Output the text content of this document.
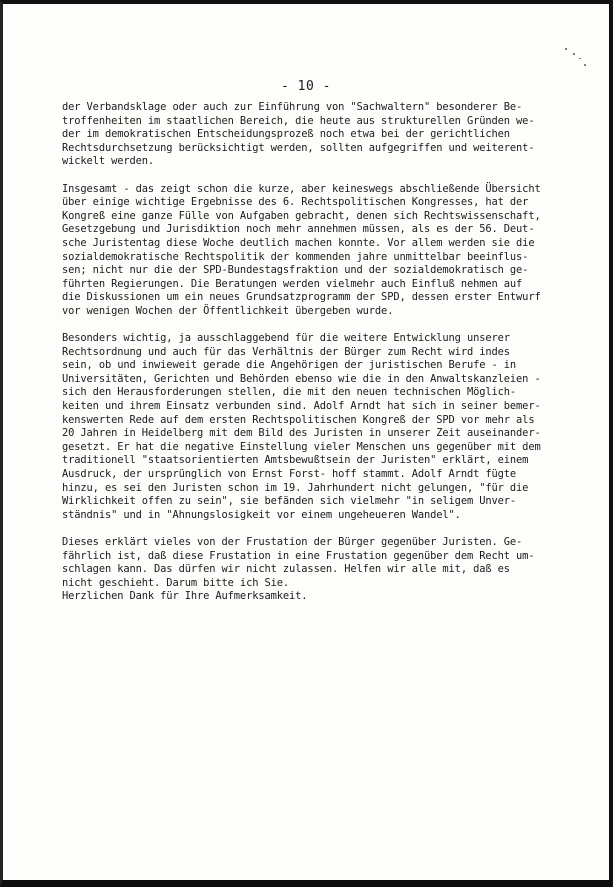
- 10 -

der Verbandsklage oder auch zur Einführung von "Sachwaltern" besonderer Be-
troffenheiten im staatlichen Bereich, die heute aus strukturellen Gründen we-
der im demokratischen Entscheidungsprozeß noch etwa bei der gerichtlichen
Rechtsdurchsetzung berücksichtigt werden, sollten aufgegriffen und weiterent-
wickelt werden.

Insgesamt - das zeigt schon die kurze, aber keineswegs abschließende Übersicht
über einige wichtige Ergebnisse des 6. Rechtspolitischen Kongresses, hat der
Kongreß eine ganze Fülle von Aufgaben gebracht, denen sich Rechtswissenschaft,
Gesetzgebung und Jurisdiktion noch mehr annehmen müssen, als es der 56. Deut-
sche Juristentag diese Woche deutlich machen konnte. Vor allem werden sie die
sozialdemokratische Rechtspolitik der kommenden jahre unmittelbar beeinflus-
sen; nicht nur die der SPD-Bundestagsfraktion und der sozialdemokratisch ge-
führten Regierungen. Die Beratungen werden vielmehr auch Einfluß nehmen auf
die Diskussionen um ein neues Grundsatzprogramm der SPD, dessen erster Entwurf
vor wenigen Wochen der Öffentlichkeit übergeben wurde.

Besonders wichtig, ja ausschlaggebend für die weitere Entwicklung unserer
Rechtsordnung und auch für das Verhältnis der Bürger zum Recht wird indes
sein, ob und inwieweit gerade die Angehörigen der juristischen Berufe - in
Universitäten, Gerichten und Behörden ebenso wie die in den Anwaltskanzleien -
sich den Herausforderungen stellen, die mit den neuen technischen Möglich-
keiten und ihrem Einsatz verbunden sind. Adolf Arndt hat sich in seiner bemer-
kenswerten Rede auf dem ersten Rechtspolitischen Kongreß der SPD vor mehr als
20 Jahren in Heidelberg mit dem Bild des Juristen in unserer Zeit auseinander-
gesetzt. Er hat die negative Einstellung vieler Menschen uns gegenüber mit dem
traditionell "staatsorientierten Amtsbewußtsein der Juristen" erklärt, einem
Ausdruck, der ursprünglich von Ernst Forst- hoff stammt. Adolf Arndt fügte
hinzu, es sei den Juristen schon im 19. Jahrhundert nicht gelungen, "für die
Wirklichkeit offen zu sein", sie befänden sich vielmehr "in seligem Unver-
ständnis" und in "Ahnungslosigkeit vor einem ungeheueren Wandel".

Dieses erklärt vieles von der Frustation der Bürger gegenüber Juristen. Ge-
fährlich ist, daß diese Frustation in eine Frustation gegenüber dem Recht um-
schlagen kann. Das dürfen wir nicht zulassen. Helfen wir alle mit, daß es
nicht geschieht. Darum bitte ich Sie.
Herzlichen Dank für Ihre Aufmerksamkeit.
